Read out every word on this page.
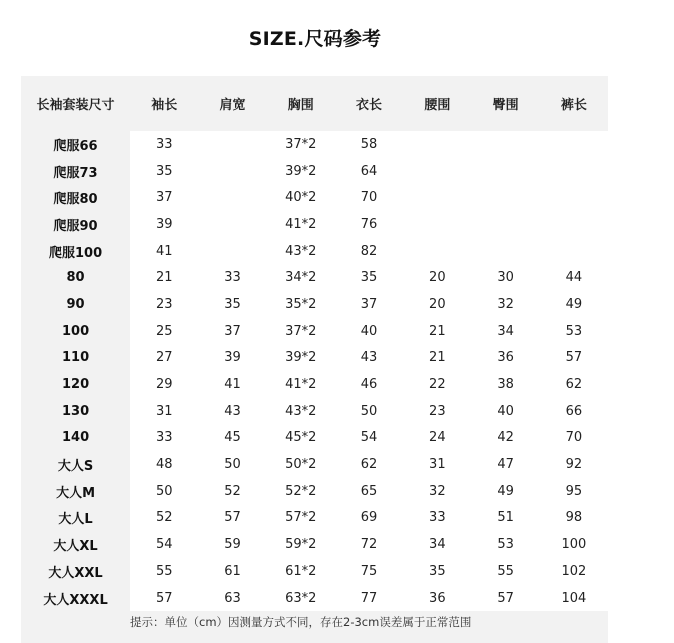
SIZE.尺码参考
长袖套装尺寸	袖长	肩宽	胸围	衣长	腰围	臀围	裤长
爬服66	33		37*2	58			
爬服73	35		39*2	64			
爬服80	37		40*2	70			
爬服90	39		41*2	76			
爬服100	41		43*2	82			
80	21	33	34*2	35	20	30	44
90	23	35	35*2	37	20	32	49
100	25	37	37*2	40	21	34	53
110	27	39	39*2	43	21	36	57
120	29	41	41*2	46	22	38	62
130	31	43	43*2	50	23	40	66
140	33	45	45*2	54	24	42	70
大人S	48	50	50*2	62	31	47	92
大人M	50	52	52*2	65	32	49	95
大人L	52	57	57*2	69	33	51	98
大人XL	54	59	59*2	72	34	53	100
大人XXL	55	61	61*2	75	35	55	102
大人XXXL	57	63	63*2	77	36	57	104
提示：单位（cm）因测量方式不同，存在2-3cm误差属于正常范围
